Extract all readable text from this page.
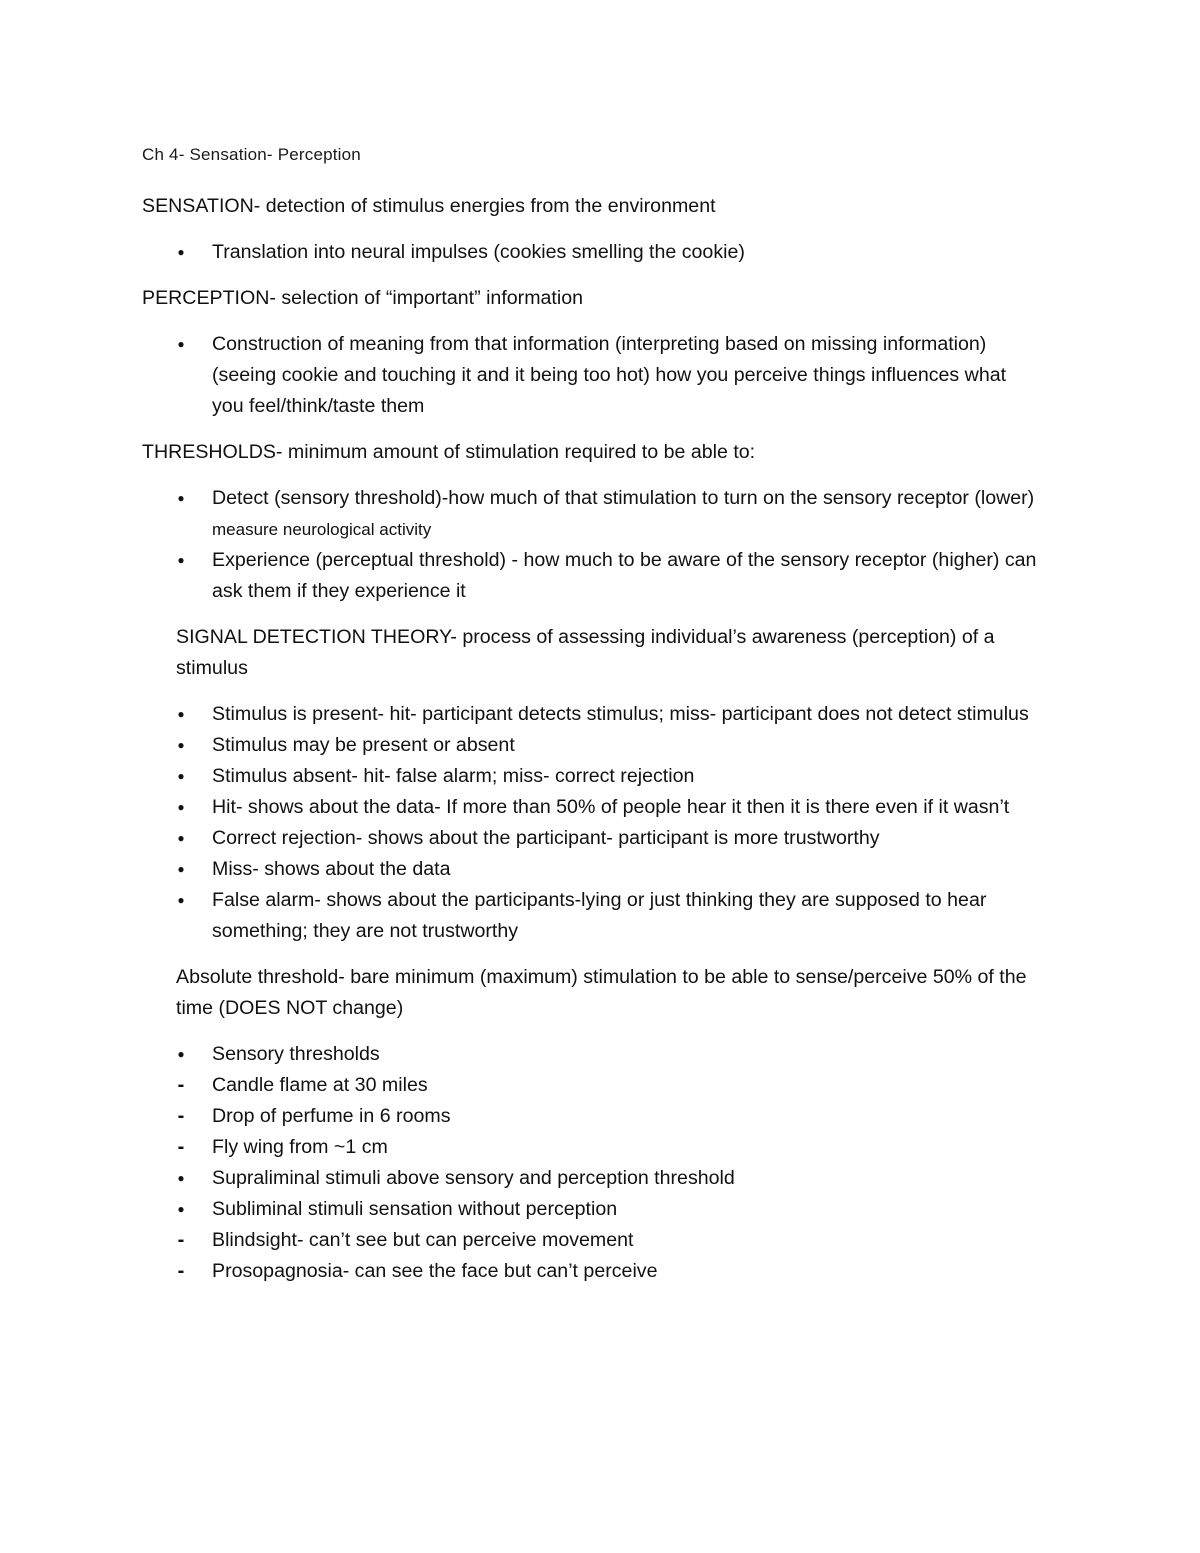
Ch 4- Sensation- Perception

SENSATION- detection of stimulus energies from the environment

●
Translation into neural impulses (cookies smelling the cookie)

PERCEPTION- selection of “important” information

●
Construction of meaning from that information (interpreting based on missing information) (seeing cookie and touching it and it being too hot) how you perceive things influences what you feel/think/taste them

THRESHOLDS- minimum amount of stimulation required to be able to:

●
Detect (sensory threshold)-how much of that stimulation to turn on the sensory receptor (lower) measure neurological activity
●
Experience (perceptual threshold) - how much to be aware of the sensory receptor (higher) can ask them if they experience it

SIGNAL DETECTION THEORY- process of assessing individual’s awareness (perception) of a stimulus

●
Stimulus is present- hit- participant detects stimulus; miss- participant does not detect stimulus
●
Stimulus may be present or absent
●
Stimulus absent- hit- false alarm; miss- correct rejection
●
Hit- shows about the data- If more than 50% of people hear it then it is there even if it wasn’t
●
Correct rejection- shows about the participant- participant is more trustworthy
●
Miss- shows about the data
●
False alarm- shows about the participants-lying or just thinking they are supposed to hear something; they are not trustworthy

Absolute threshold- bare minimum (maximum) stimulation to be able to sense/perceive 50% of the time (DOES NOT change)

●
Sensory thresholds
-
Candle flame at 30 miles
-
Drop of perfume in 6 rooms
-
Fly wing from ~1 cm
●
Supraliminal stimuli above sensory and perception threshold
●
Subliminal stimuli sensation without perception
-
Blindsight- can’t see but can perceive movement
-
Prosopagnosia- can see the face but can’t perceive
